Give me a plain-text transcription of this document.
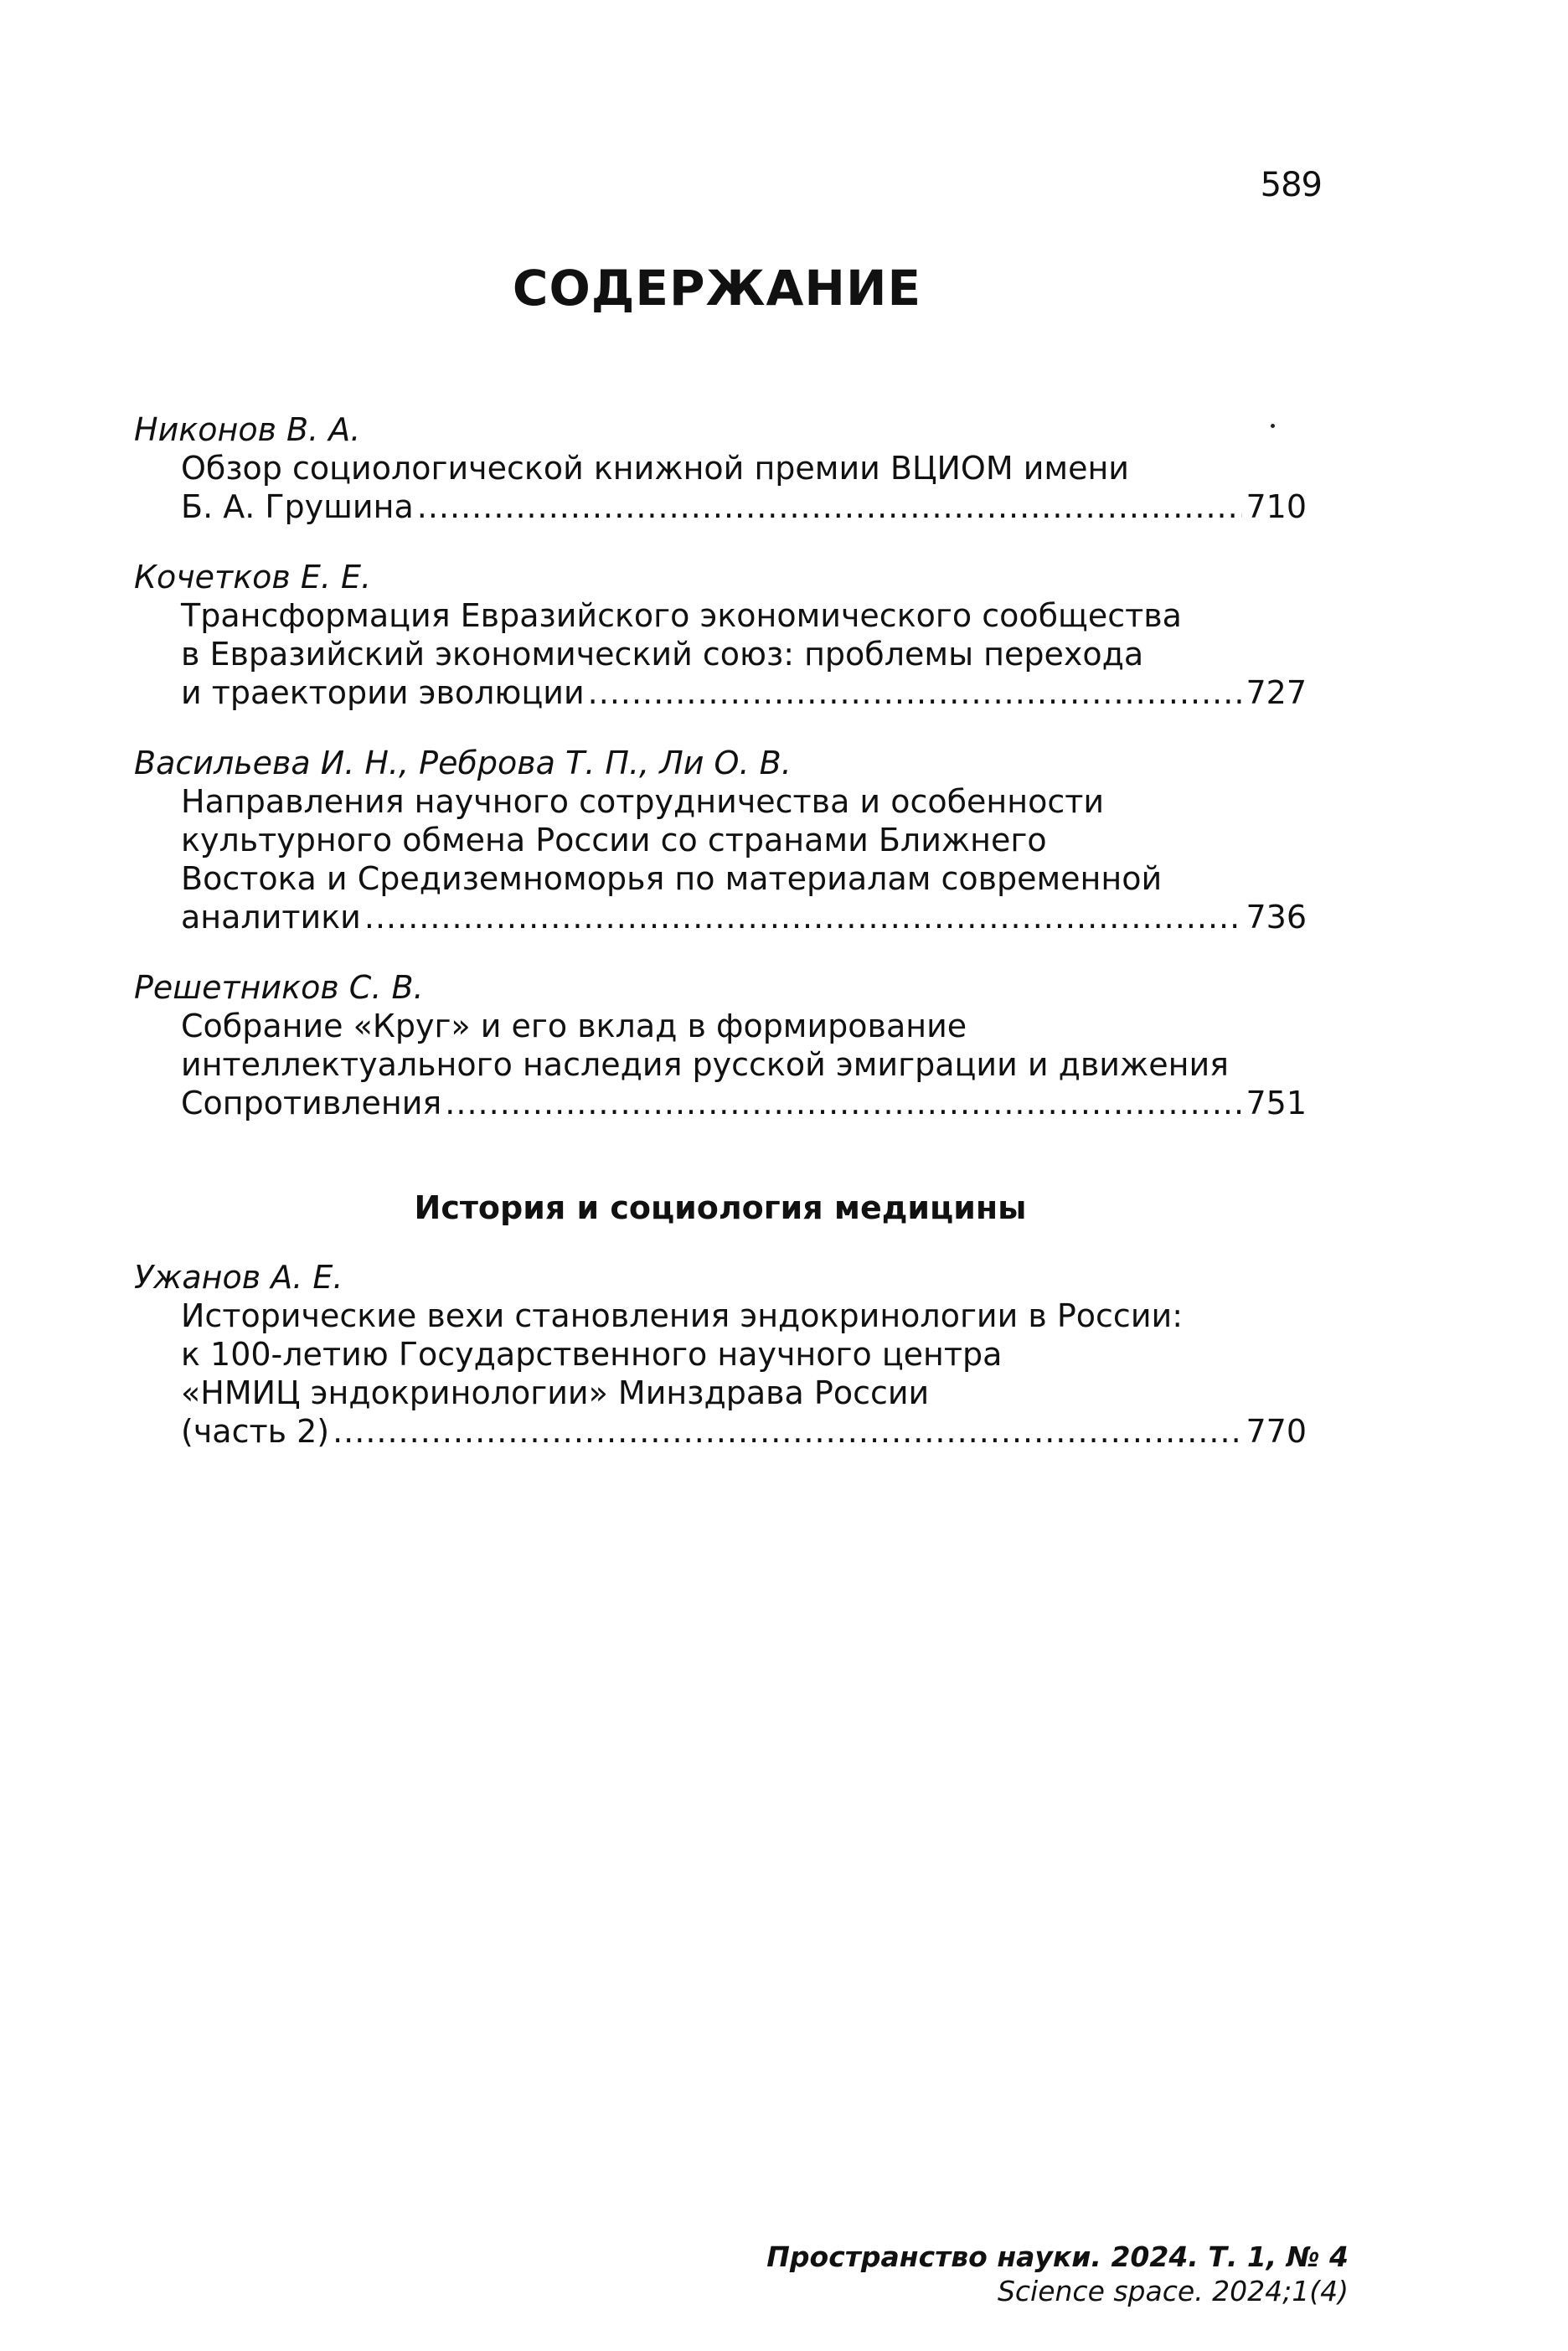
589
СОДЕРЖАНИЕ
Никонов В. А.
Обзор социологической книжной премии ВЦИОМ имени
Б. А. Грушина .....	710
Кочетков Е. Е.
Трансформация Евразийского экономического сообщества
в Евразийский экономический союз: проблемы перехода
и траектории эволюции .....	727
Васильева И. Н., Реброва Т. П., Ли О. В.
Направления научного сотрудничества и особенности
культурного обмена России со странами Ближнего
Востока и Средиземноморья по материалам современной
аналитики .....	736
Решетников С. В.
Собрание «Круг» и его вклад в формирование
интеллектуального наследия русской эмиграции и движения
Сопротивления .....	751
История и социология медицины
Ужанов А. Е.
Исторические вехи становления эндокринологии в России:
к 100-летию Государственного научного центра
«НМИЦ эндокринологии» Минздрава России
(часть 2) .....	770
Пространство науки. 2024. Т. 1, № 4
Science space. 2024;1(4)
